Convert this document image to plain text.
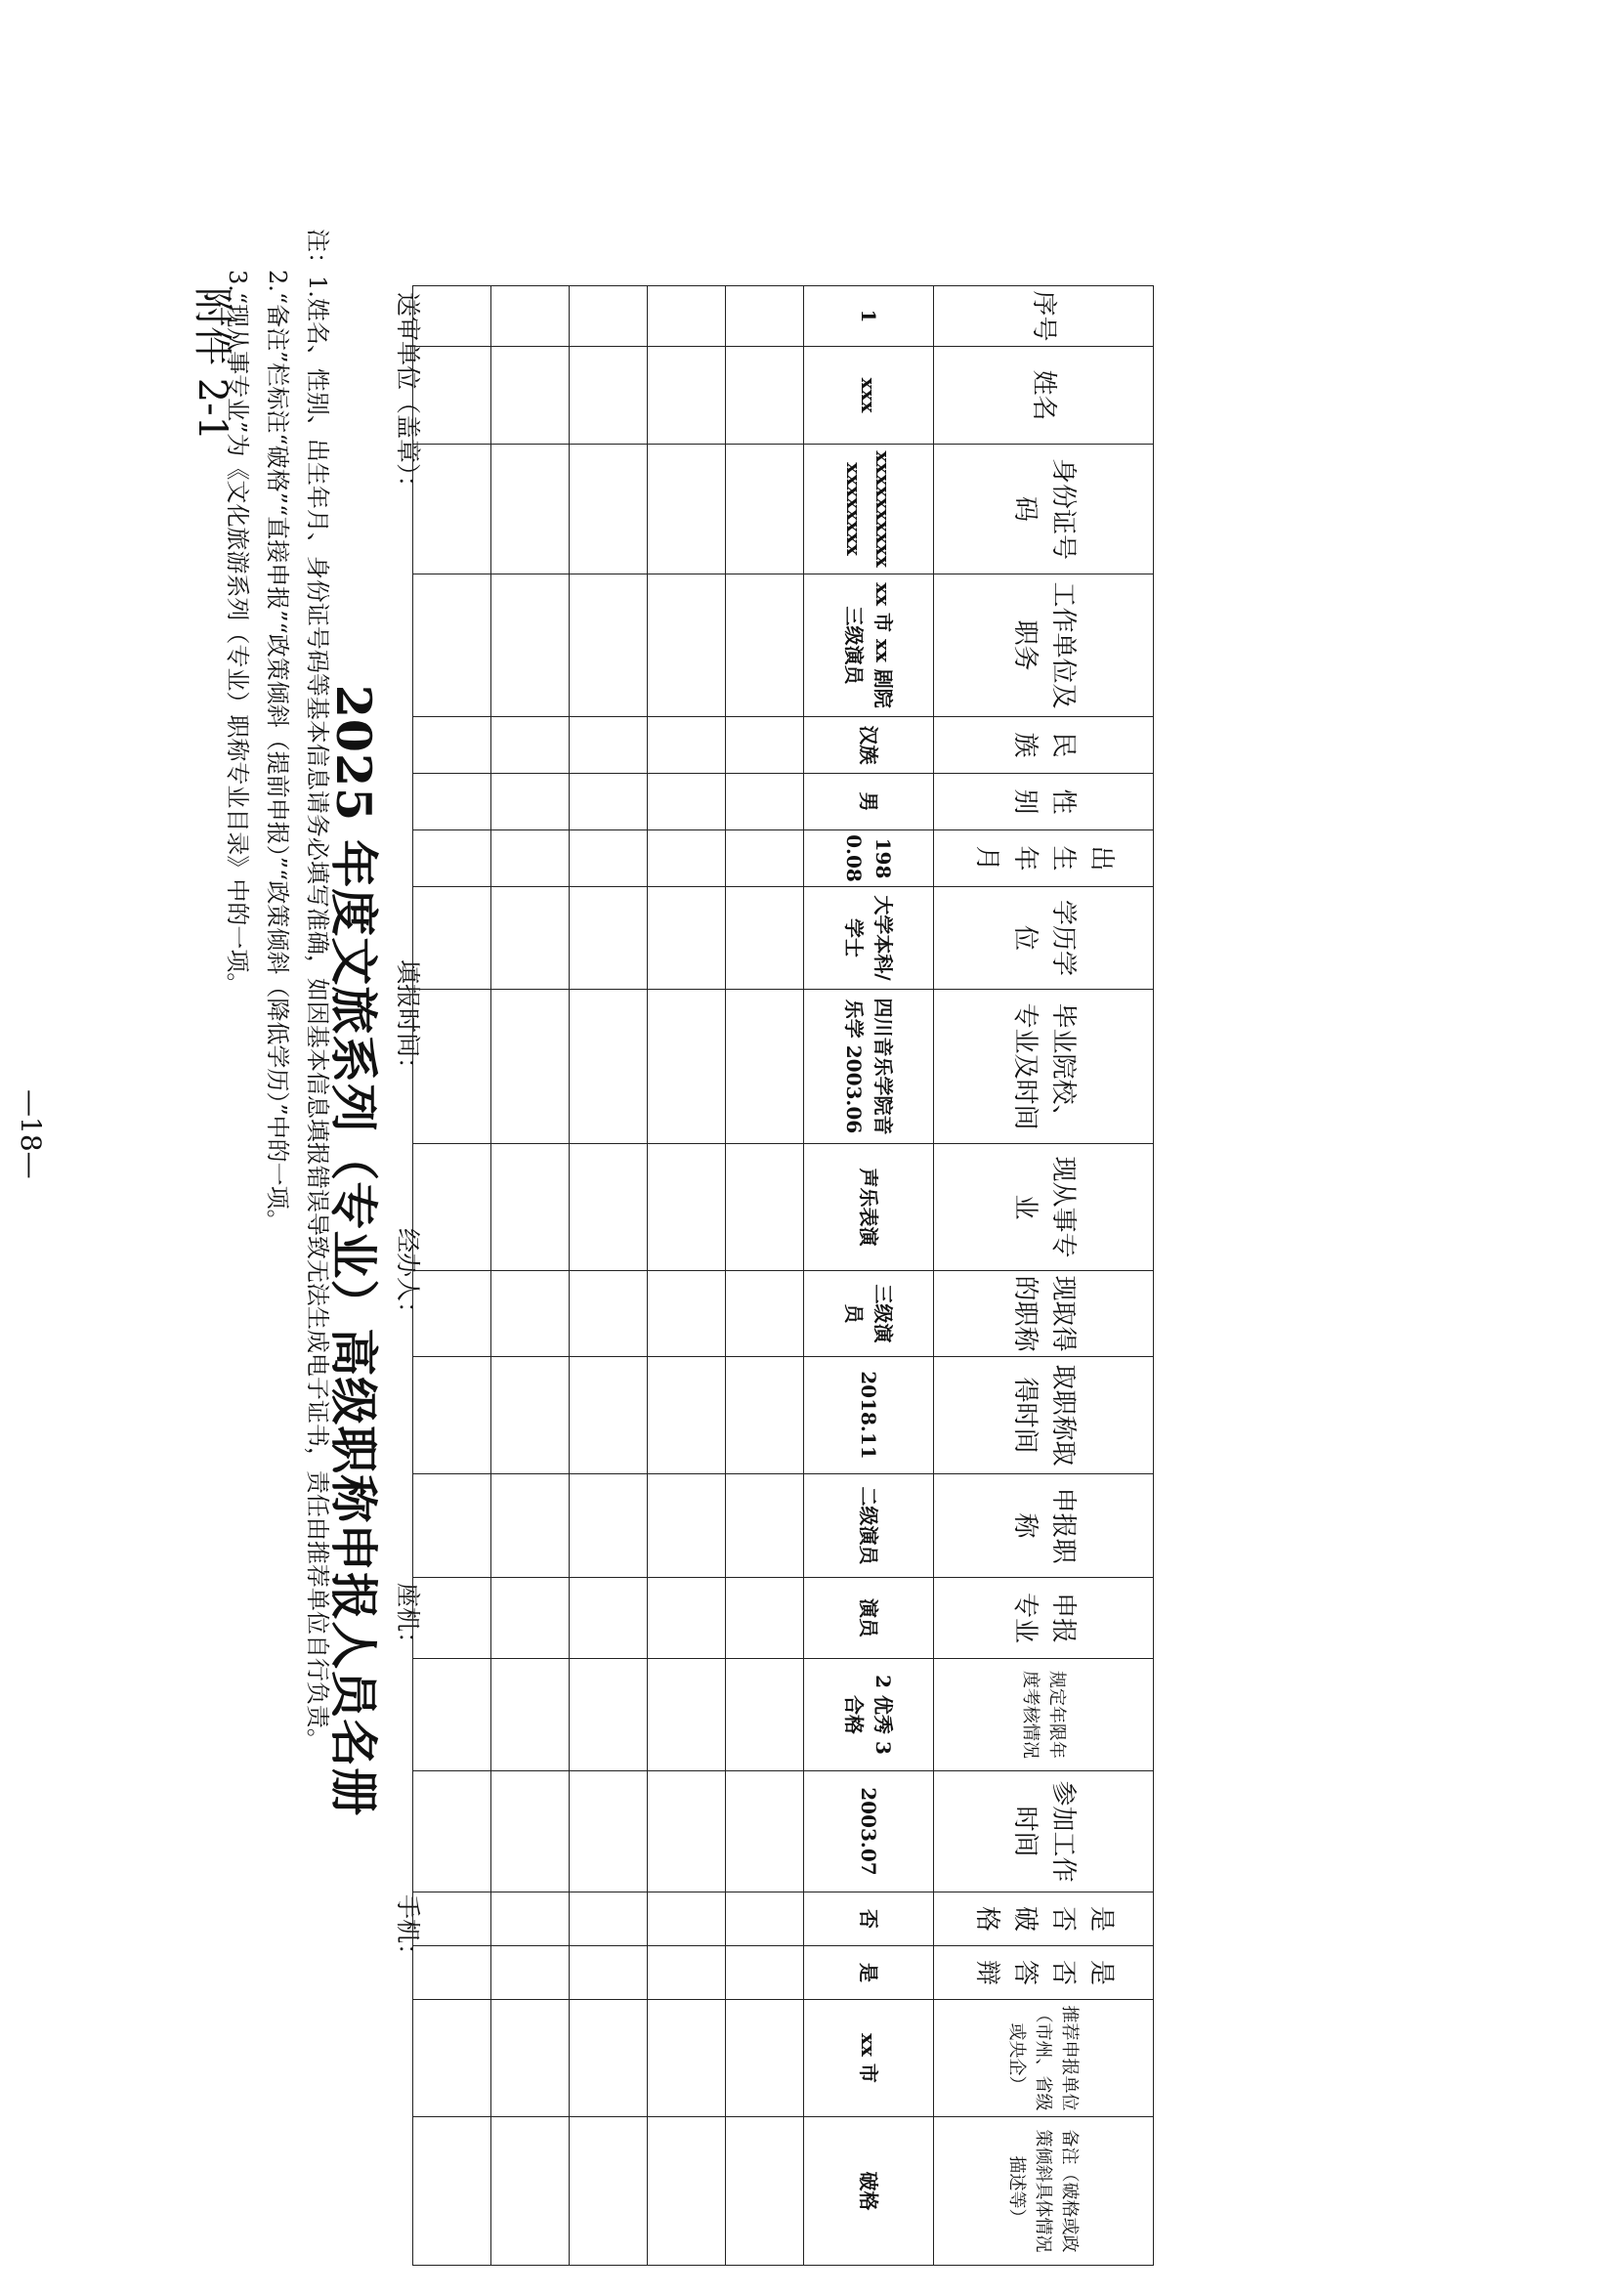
附件 2-1
2025 年度文旅系列（专业）高级职称申报人员名册
送审单位（盖章）：
填报时间：
经办人：
座机：
手机：
序号	姓名	身份证号码	工作单位及职务	民族	性别	出生年月	学历学位	毕业院校、专业及时间	现从事专业	现取得的职称	取职称取得时间	申报职称	申报专业	规定年限年度考核情况	参加工作时间	是否破格	是否答辩	推荐申报单位（市州、省级或央企）	备注（破格或政策倾斜具体情况描述等）
1	xxx	xxxxxxxxxxxxxxxxxx	xx 市 xx 剧院三级演员	汉族	男	1980.08	大学本科/学士	四川音乐学院音乐学 2003.06	声乐表演	三级演员	2018.11	二级演员	演员	2 优秀 3 合格	2003.07	否	是	xx 市	破格

注：1.姓名、性别、出生年月、身份证号码等基本信息请务必填写准确，如因基本信息填报错误导致无法生成电子证书，责任由推荐单位自行负责。

2.“备注”栏标注“破格”“直接申报”“政策倾斜（提前申报）”“政策倾斜（降低学历）”中的一项。

3.“现从事专业”为《文化旅游系列（专业）职称专业目录》中的一项。

—18—
